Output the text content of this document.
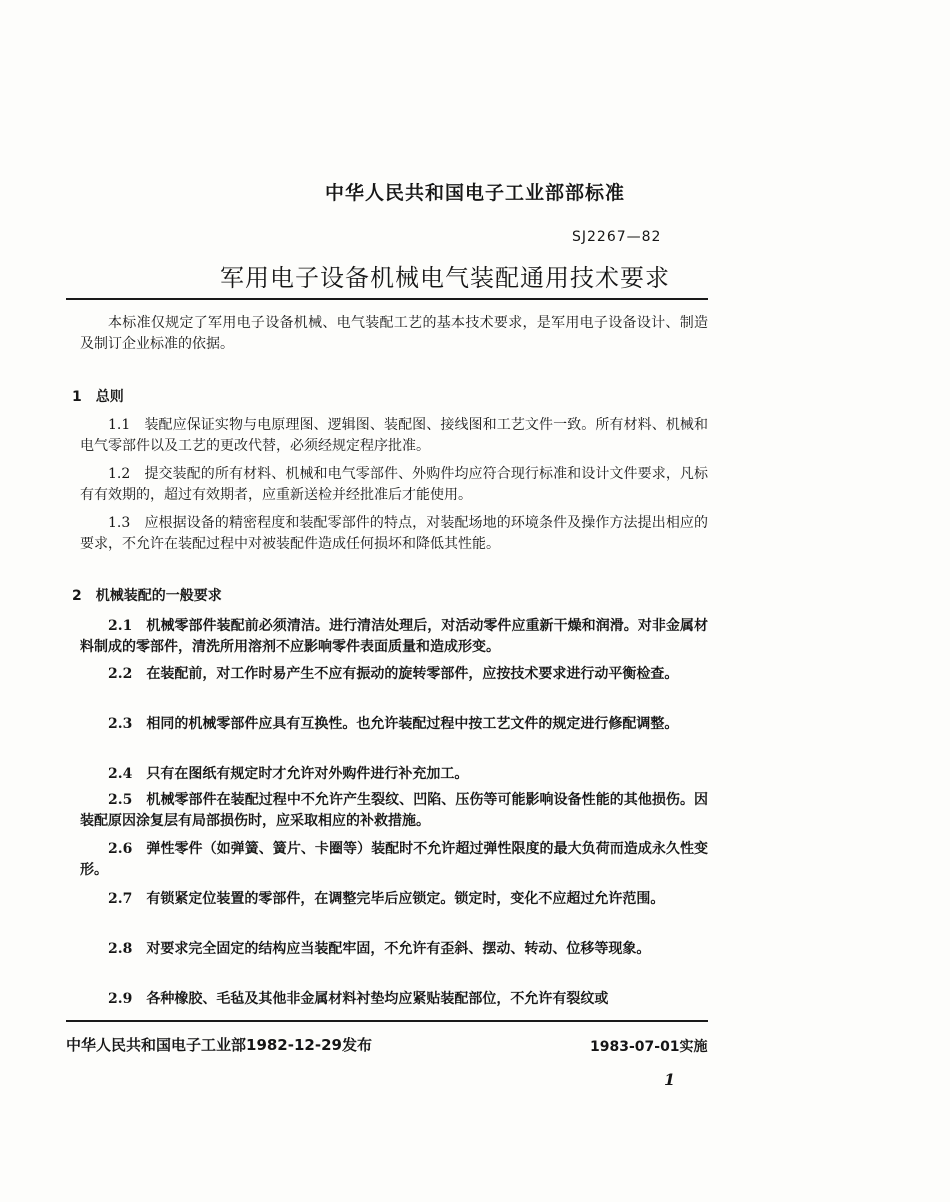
中华人民共和国电子工业部部标准
SJ2267—82
军用电子设备机械电气装配通用技术要求
本标准仅规定了军用电子设备机械、电气装配工艺的基本技术要求，是军用电子设备设计、制造及制订企业标准的依据。
1　总则
1.1　装配应保证实物与电原理图、逻辑图、装配图、接线图和工艺文件一致。所有材料、机械和电气零部件以及工艺的更改代替，必须经规定程序批准。
1.2　提交装配的所有材料、机械和电气零部件、外购件均应符合现行标准和设计文件要求，凡标有有效期的，超过有效期者，应重新送检并经批准后才能使用。
1.3　应根据设备的精密程度和装配零部件的特点，对装配场地的环境条件及操作方法提出相应的要求，不允许在装配过程中对被装配件造成任何损坏和降低其性能。
2　机械装配的一般要求
2.1　机械零部件装配前必须清洁。进行清洁处理后，对活动零件应重新干燥和润滑。对非金属材料制成的零部件，清洗所用溶剂不应影响零件表面质量和造成形变。
2.2　在装配前，对工作时易产生不应有振动的旋转零部件，应按技术要求进行动平衡检查。
2.3　相同的机械零部件应具有互换性。也允许装配过程中按工艺文件的规定进行修配调整。
2.4　只有在图纸有规定时才允许对外购件进行补充加工。
2.5　机械零部件在装配过程中不允许产生裂纹、凹陷、压伤等可能影响设备性能的其他损伤。因装配原因涂复层有局部损伤时，应采取相应的补救措施。
2.6　弹性零件（如弹簧、簧片、卡圈等）装配时不允许超过弹性限度的最大负荷而造成永久性变形。
2.7　有锁紧定位装置的零部件，在调整完毕后应锁定。锁定时，变化不应超过允许范围。
2.8　对要求完全固定的结构应当装配牢固，不允许有歪斜、摆动、转动、位移等现象。
2.9　各种橡胶、毛毡及其他非金属材料衬垫均应紧贴装配部位，不允许有裂纹或
中华人民共和国电子工业部1982-12-29发布	1983-07-01实施
1
